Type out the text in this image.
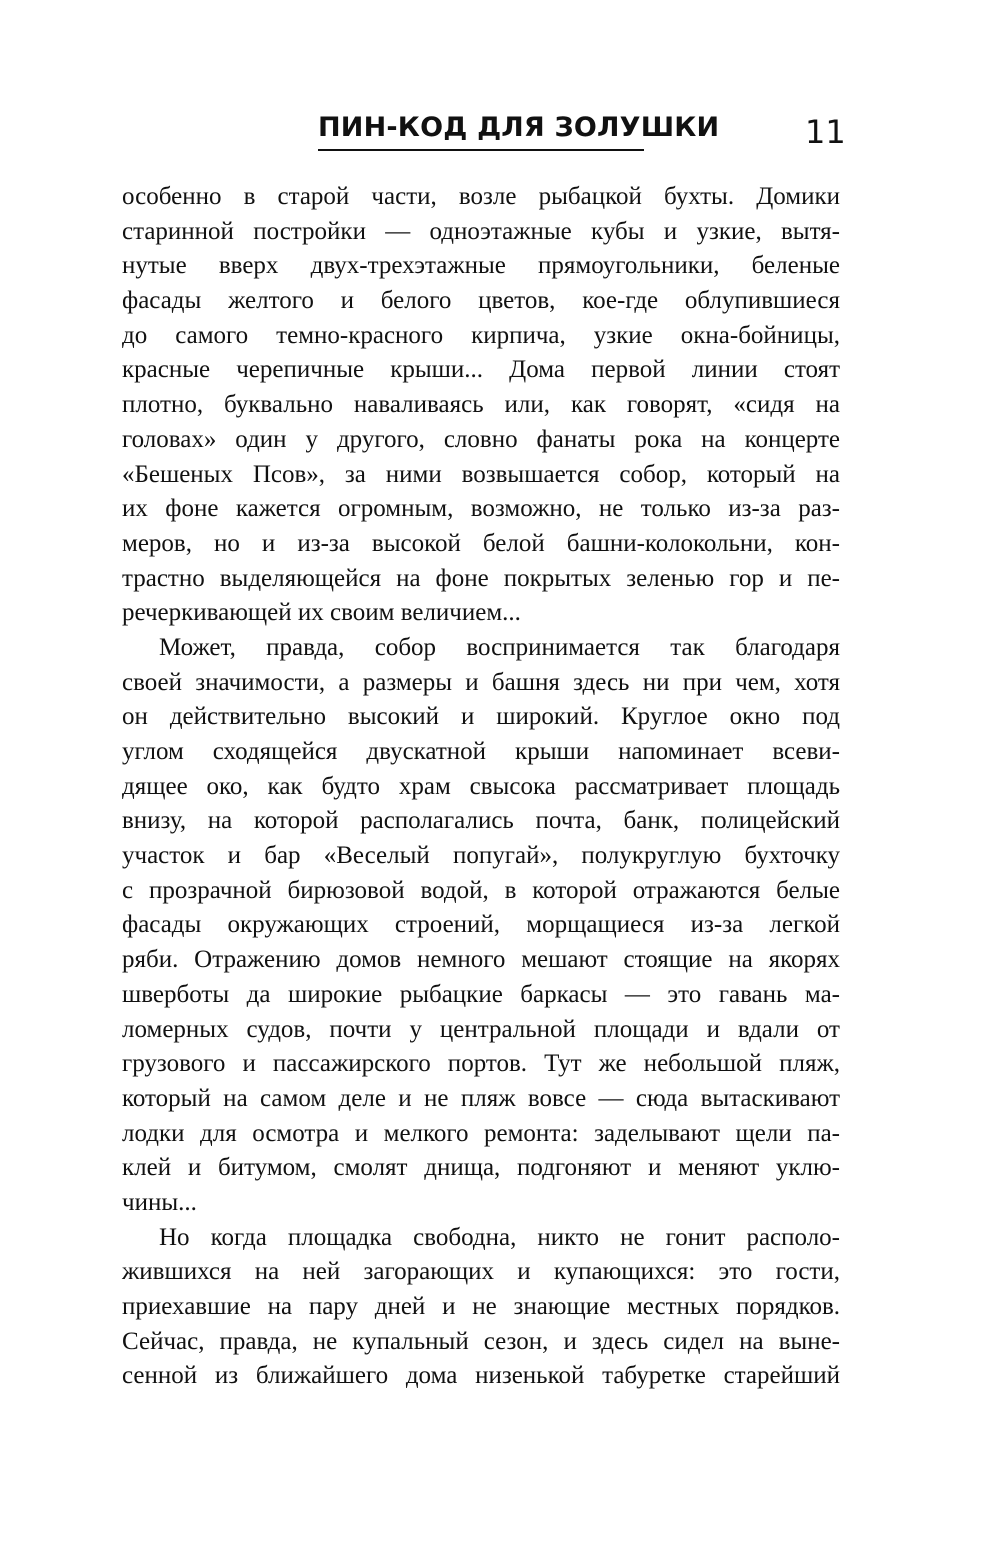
ПИН-КОД ДЛЯ ЗОЛУШКИ	11
особенно в старой части, возле рыбацкой бухты. Домики
старинной постройки — одноэтажные кубы и узкие, вытя-
нутые вверх двух-трехэтажные прямоугольники, беленые
фасады желтого и белого цветов, кое-где облупившиеся
до самого темно-красного кирпича, узкие окна-бойницы,
красные черепичные крыши... Дома первой линии стоят
плотно, буквально наваливаясь или, как говорят, «сидя на
головах» один у другого, словно фанаты рока на концерте
«Бешеных Псов», за ними возвышается собор, который на
их фоне кажется огромным, возможно, не только из-за раз-
меров, но и из-за высокой белой башни-колокольни, кон-
трастно выделяющейся на фоне покрытых зеленью гор и пе-
речеркивающей их своим величием...
Может, правда, собор воспринимается так благодаря
своей значимости, а размеры и башня здесь ни при чем, хотя
он действительно высокий и широкий. Круглое окно под
углом сходящейся двускатной крыши напоминает всеви-
дящее око, как будто храм свысока рассматривает площадь
внизу, на которой располагались почта, банк, полицейский
участок и бар «Веселый попугай», полукруглую бухточку
с прозрачной бирюзовой водой, в которой отражаются белые
фасады окружающих строений, морщащиеся из-за легкой
ряби. Отражению домов немного мешают стоящие на якорях
шверботы да широкие рыбацкие баркасы — это гавань ма-
ломерных судов, почти у центральной площади и вдали от
грузового и пассажирского портов. Тут же небольшой пляж,
который на самом деле и не пляж вовсе — сюда вытаскивают
лодки для осмотра и мелкого ремонта: заделывают щели па-
клей и битумом, смолят днища, подгоняют и меняют уклю-
чины...
Но когда площадка свободна, никто не гонит располо-
жившихся на ней загорающих и купающихся: это гости,
приехавшие на пару дней и не знающие местных порядков.
Сейчас, правда, не купальный сезон, и здесь сидел на выне-
сенной из ближайшего дома низенькой табуретке старейший
